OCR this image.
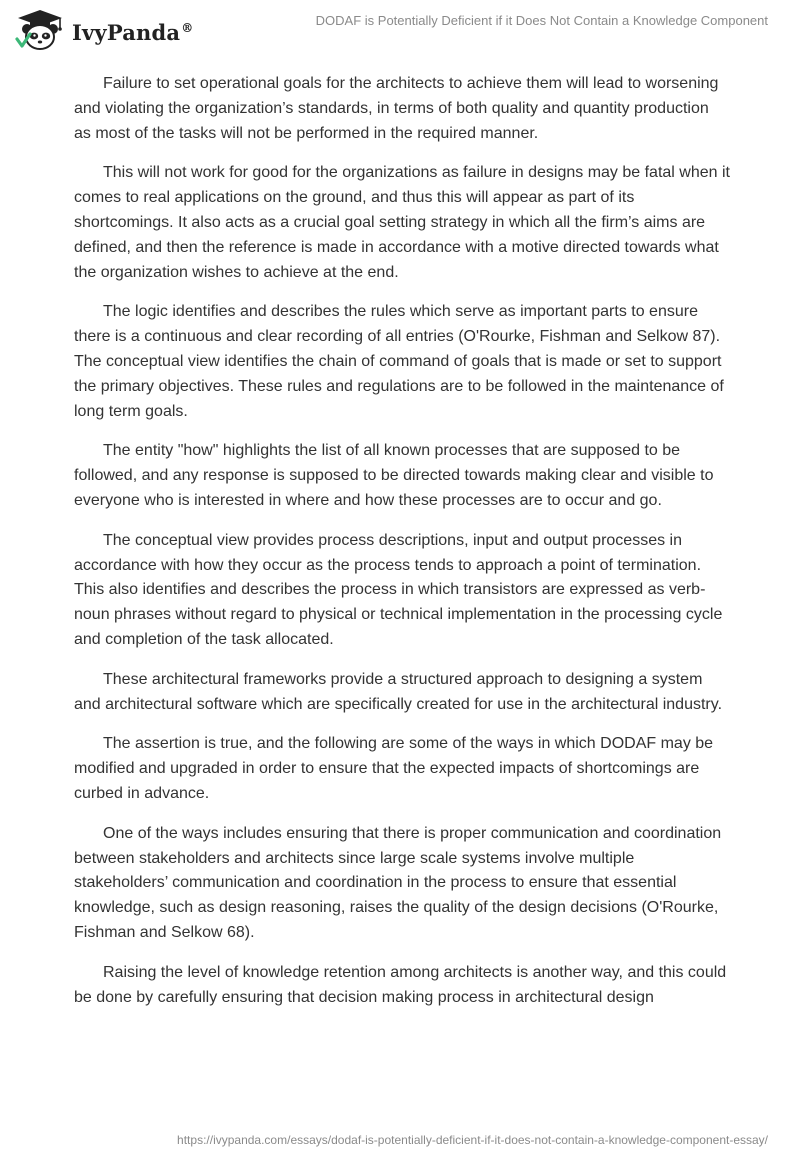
IvyPanda®	DODAF is Potentially Deficient if it Does Not Contain a Knowledge Component

Failure to set operational goals for the architects to achieve them will lead to worsening and violating the organization’s standards, in terms of both quality and quantity production as most of the tasks will not be performed in the required manner.

This will not work for good for the organizations as failure in designs may be fatal when it comes to real applications on the ground, and thus this will appear as part of its shortcomings. It also acts as a crucial goal setting strategy in which all the firm’s aims are defined, and then the reference is made in accordance with a motive directed towards what the organization wishes to achieve at the end.

The logic identifies and describes the rules which serve as important parts to ensure there is a continuous and clear recording of all entries (O'Rourke, Fishman and Selkow 87). The conceptual view identifies the chain of command of goals that is made or set to support the primary objectives. These rules and regulations are to be followed in the maintenance of long term goals.

The entity "how" highlights the list of all known processes that are supposed to be followed, and any response is supposed to be directed towards making clear and visible to everyone who is interested in where and how these processes are to occur and go.

The conceptual view provides process descriptions, input and output processes in accordance with how they occur as the process tends to approach a point of termination. This also identifies and describes the process in which transistors are expressed as verb-noun phrases without regard to physical or technical implementation in the processing cycle and completion of the task allocated.

These architectural frameworks provide a structured approach to designing a system and architectural software which are specifically created for use in the architectural industry.

The assertion is true, and the following are some of the ways in which DODAF may be modified and upgraded in order to ensure that the expected impacts of shortcomings are curbed in advance.

One of the ways includes ensuring that there is proper communication and coordination between stakeholders and architects since large scale systems involve multiple stakeholders’ communication and coordination in the process to ensure that essential knowledge, such as design reasoning, raises the quality of the design decisions (O'Rourke, Fishman and Selkow 68).

Raising the level of knowledge retention among architects is another way, and this could be done by carefully ensuring that decision making process in architectural design

https://ivypanda.com/essays/dodaf-is-potentially-deficient-if-it-does-not-contain-a-knowledge-component-essay/
